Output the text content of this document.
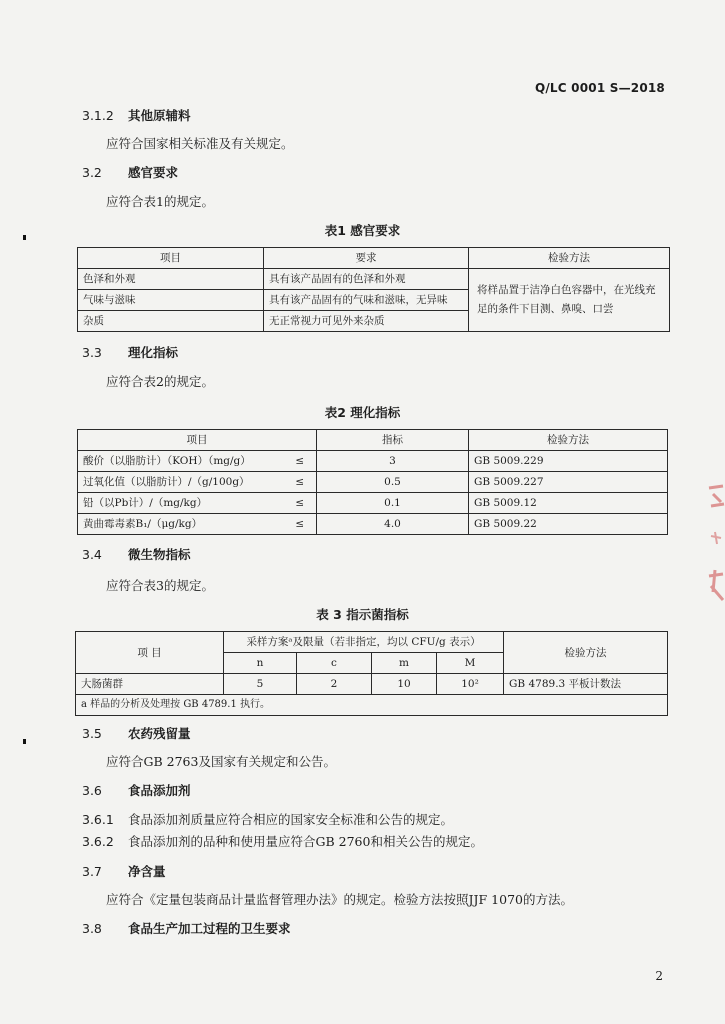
Q/LC 0001 S—2018
3.1.2 其他原辅料
应符合国家相关标准及有关规定。
3.2 感官要求
应符合表1的规定。
表1 感官要求
项目	要求	检验方法
色泽和外观	具有该产品固有的色泽和外观	将样品置于洁净白色容器中，在光线充足的条件下目测、鼻嗅、口尝
气味与滋味	具有该产品固有的气味和滋味，无异味	
杂质	无正常视力可见外来杂质	
3.3 理化指标
应符合表2的规定。
表2 理化指标
项目		指标	检验方法
酸价（以脂肪计）（KOH）（mg/g）	≤	3	GB 5009.229
过氧化值（以脂肪计）/（g/100g）	≤	0.5	GB 5009.227
铅（以Pb计）/（mg/kg）	≤	0.1	GB 5009.12
黄曲霉毒素B₁/（μg/kg）	≤	4.0	GB 5009.22
3.4 微生物指标
应符合表3的规定。
表 3 指示菌指标
项 目	采样方案ᵃ及限量（若非指定，均以 CFU/g 表示）				检验方法
	n	c	m	M	
大肠菌群	5	2	10	10²	GB 4789.3 平板计数法
a 样品的分析及处理按 GB 4789.1 执行。					
3.5 农药残留量
应符合GB 2763及国家有关规定和公告。
3.6 食品添加剂
3.6.1 食品添加剂质量应符合相应的国家安全标准和公告的规定。
3.6.2 食品添加剂的品种和使用量应符合GB 2760和相关公告的规定。
3.7 净含量
应符合《定量包装商品计量监督管理办法》的规定。检验方法按照JJF 1070的方法。
3.8 食品生产加工过程的卫生要求
2
